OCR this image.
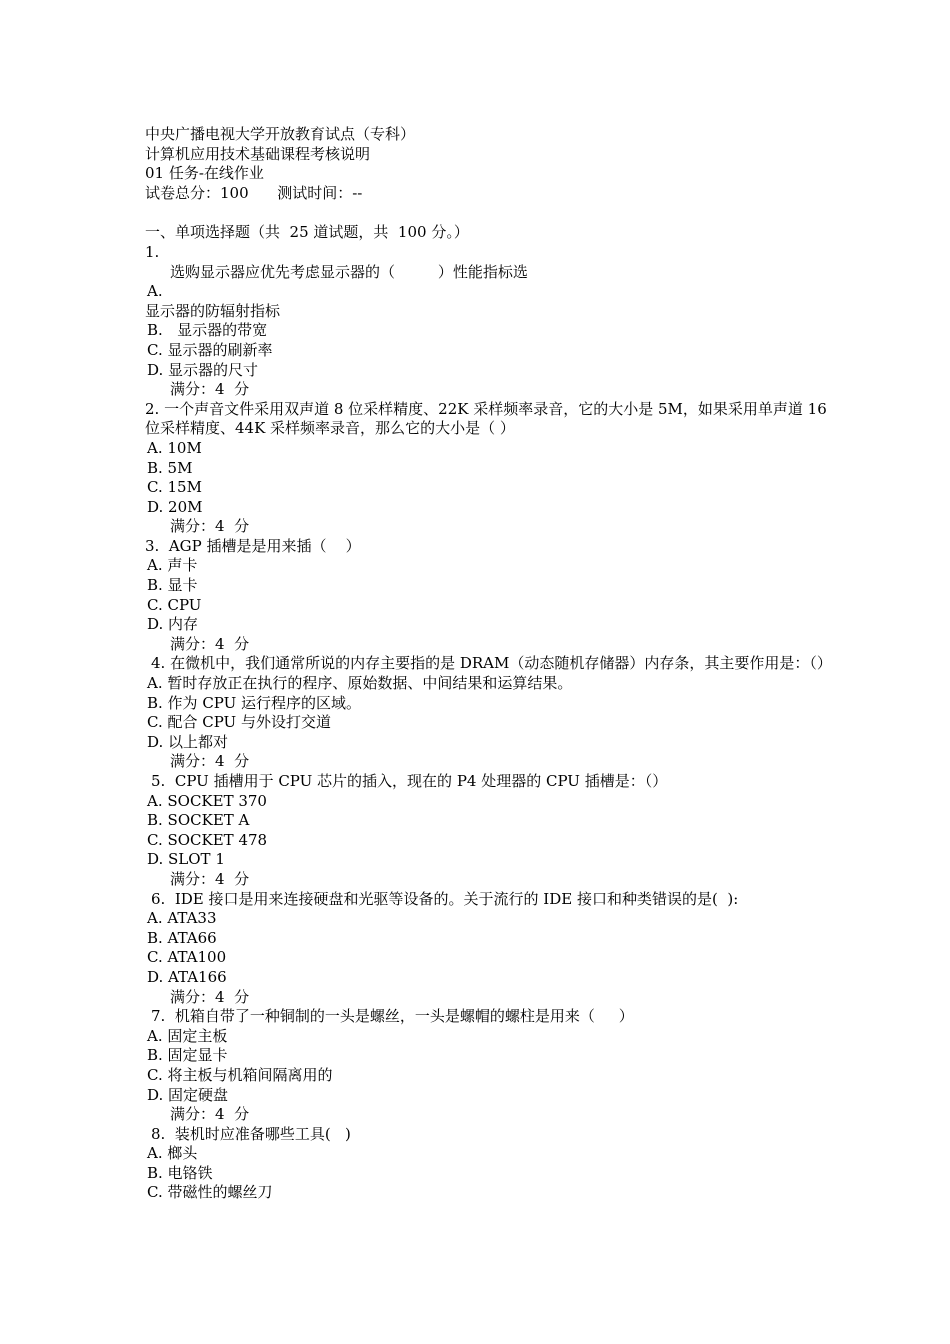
中央广播电视大学开放教育试点（专科）
计算机应用技术基础课程考核说明
01 任务-在线作业
试卷总分：100      测试时间：--
一、单项选择题（共  25 道试题，共  100 分。）
1.
选购显示器应优先考虑显示器的（         ）性能指标选
A.
显示器的防辐射指标
B.   显示器的带宽
C. 显示器的刷新率
D. 显示器的尺寸
满分：4  分
2. 一个声音文件采用双声道 8 位采样精度、22K 采样频率录音，它的大小是 5M，如果采用单声道 16 位采样精度、44K 采样频率录音，那么它的大小是（ ）
A. 10M
B. 5M
C. 15M
D. 20M
满分：4  分
3.  AGP 插槽是是用来插（    ）
A. 声卡
B. 显卡
C. CPU
D. 内存
满分：4  分
4. 在微机中，我们通常所说的内存主要指的是 DRAM（动态随机存储器）内存条，其主要作用是：（）
A. 暂时存放正在执行的程序、原始数据、中间结果和运算结果。
B. 作为 CPU 运行程序的区域。
C. 配合 CPU 与外设打交道
D. 以上都对
满分：4  分
5.  CPU 插槽用于 CPU 芯片的插入，现在的 P4 处理器的 CPU 插槽是：（）
A. SOCKET 370
B. SOCKET A
C. SOCKET 478
D. SLOT 1
满分：4  分
6.  IDE 接口是用来连接硬盘和光驱等设备的。关于流行的 IDE 接口和种类错误的是(  ):
A. ATA33
B. ATA66
C. ATA100
D. ATA166
满分：4  分
7.  机箱自带了一种铜制的一头是螺丝，一头是螺帽的螺柱是用来（     ）
A. 固定主板
B. 固定显卡
C. 将主板与机箱间隔离用的
D. 固定硬盘
满分：4  分
8.  装机时应准备哪些工具(   )
A. 榔头
B. 电铬铁
C. 带磁性的螺丝刀
